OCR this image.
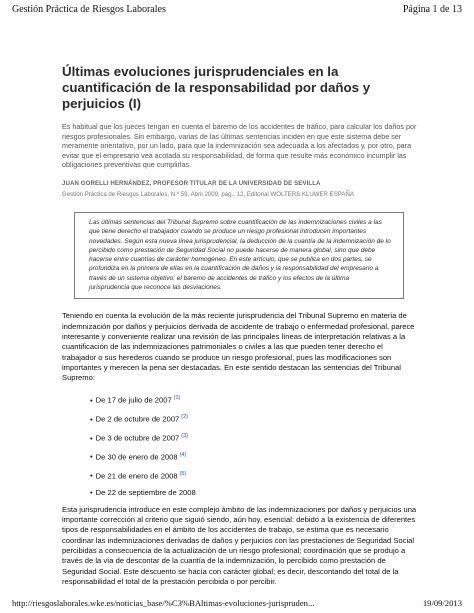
Gestión Práctica de Riesgos Laborales	Página 1 de 13
Últimas evoluciones jurisprudenciales en la cuantificación de la responsabilidad por daños y perjuicios (I)
Es habitual que los jueces tengan en cuenta el baremo de los accidentes de tráfico, para calcular los daños por riesgos profesionales. Sin embargo, varias de las últimas sentencias inciden en que este sistema debe ser meramente orientativo, por un lado, para que la indemnización sea adecuada a los afectados y, por otro, para evitar que el empresario vea acotada su responsabilidad, de forma que resulte más económico incumplir las obligaciones preventivas que cumplirlas.
JUAN GORELLI HERNÁNDEZ, PROFESOR TITULAR DE LA UNIVERSIDAD DE SEVILLA
Gestión Práctica de Riesgos Laborales, N.º 59, Abril 2009, pág., 12, Editorial WOLTERS KLUWER ESPAÑA
Las últimas sentencias del Tribunal Supremo sobre cuantificación de las indemnizaciones civiles a las que tiene derecho el trabajador cuando se produce un riesgo profesional introducen importantes novedades. Según esta nueva línea jurisprudencial, la deducción de la cuantía de la indemnización de lo percibido como prestación de Seguridad Social no puede hacerse de manera global, sino que debe hacerse entre cuantías de carácter homogéneo. En este artículo, que se publica en dos partes, se profundiza en la primera de ellas en la cuantificación de daños y la responsabilidad del empresario a través de un sistema objetivo: el baremo de accidentes de tráfico y los efectos de la última jurisprudencia que reconoce las desviaciones.

Teniendo en cuenta la evolución de la más reciente jurisprudencia del Tribunal Supremo en materia de indemnización por daños y perjuicios derivada de accidente de trabajo o enfermedad profesional, parece interesante y conveniente realizar una revisión de las principales líneas de interpretación relativas a la cuantificación de las indemnizaciones patrimoniales o civiles a las que pueden tener derecho el trabajador o sus herederos cuando se produce un riesgo profesional, pues las modificaciones son importantes y merecen la pena ser destacadas. En este sentido destacan las sentencias del Tribunal Supremo:

• De 17 de julio de 2007 $^{(1)}$
• De 2 de octubre de 2007 $^{(2)}$
• De 3 de octubre de 2007 $^{(3)}$
• De 30 de enero de 2008 $^{(4)}$
• De 21 de enero de 2008 $^{(5)}$
• De 22 de septiembre de 2008

Esta jurisprudencia introduce en este complejo ámbito de las indemnizaciones por daños y perjuicios una importante corrección al criterio que siguió siendo, aún hoy, esencial: debido a la existencia de diferentes tipos de responsabilidades en el ámbito de los accidentes de trabajo, se estima que es necesario coordinar las indemnizaciones derivadas de daños y perjuicios con las prestaciones de Seguridad Social percibidas a consecuencia de la actualización de un riesgo profesional; coordinación que se produjo a través de la vía de descontar de la cuantía de la indemnización, lo percibido como prestación de Seguridad Social. Este descuento se hacía con carácter global; es decir, descontando del total de la responsabilidad el total de la prestación percibida o por percibir.

http://riesgoslaborales.wke.es/noticias_base/%C3%BAltimas-evoluciones-jurispruden...	19/09/2013
